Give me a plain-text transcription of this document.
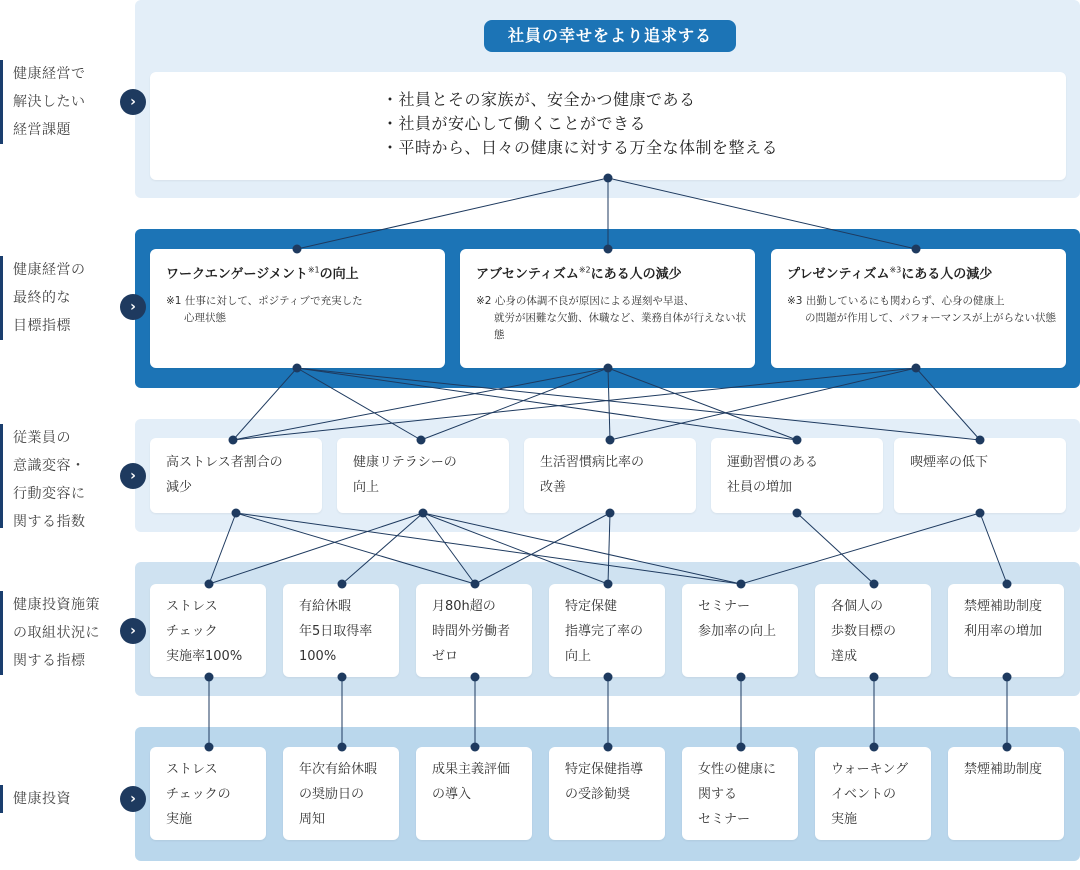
健康経営で
解決したい
経営課題
›
健康経営の
最終的な
目標指標
›
従業員の
意識変容・
行動変容に
関する指数
›
健康投資施策
の取組状況に
関する指標
›
健康投資	›
社員の幸せをより追求する
・社員とその家族が、安全かつ健康である
・社員が安心して働くことができる
・平時から、日々の健康に対する万全な体制を整える
ワークエンゲージメント$^{※1}$の向上
※1 仕事に対して、ポジティブで充実した
心理状態
アブセンティズム$^{※2}$にある人の減少
※2 心身の体調不良が原因による遅刻や早退、
就労が困難な欠勤、休職など、業務自体が行えない状態
プレゼンティズム$^{※3}$にある人の減少
※3 出勤しているにも関わらず、心身の健康上
の問題が作用して、パフォーマンスが上がらない状態
高ストレス者割合の
減少
健康リテラシーの
向上
生活習慣病比率の
改善
運動習慣のある
社員の増加
喫煙率の低下
ストレス
チェック
実施率100%
有給休暇
年5日取得率
100%
月80h超の
時間外労働者
ゼロ
特定保健
指導完了率の
向上
セミナー
参加率の向上
各個人の
歩数目標の
達成
禁煙補助制度
利用率の増加
ストレス
チェックの
実施
年次有給休暇
の奨励日の
周知
成果主義評価
の導入
特定保健指導
の受診勧奨
女性の健康に
関する
セミナー
ウォーキング
イベントの
実施
禁煙補助制度
